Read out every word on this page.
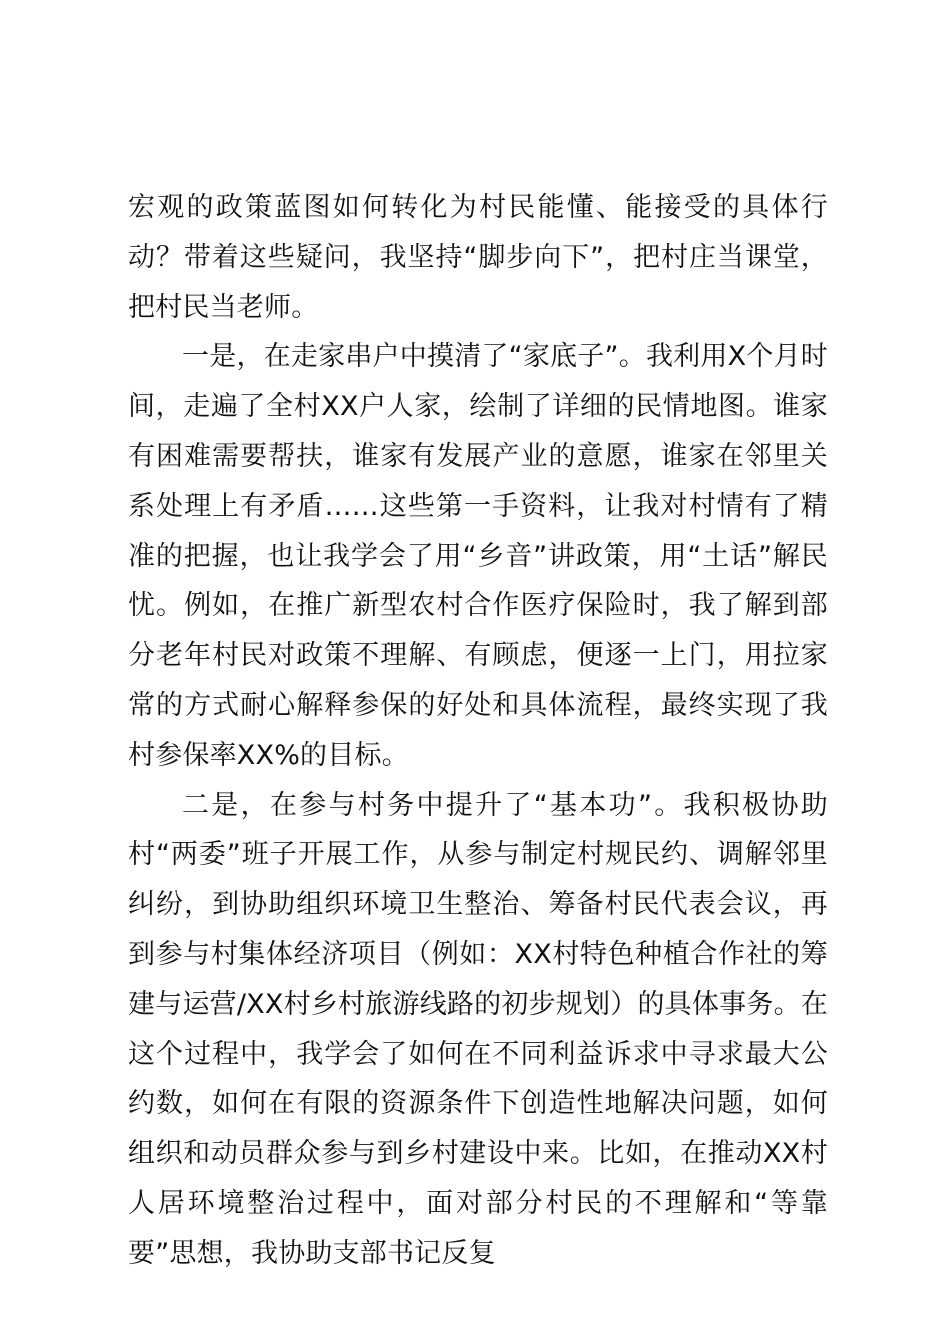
宏观的政策蓝图如何转化为村民能懂、能接受的具体行动？带着这些疑问，我坚持“脚步向下”，把村庄当课堂，把村民当老师。

一是，在走家串户中摸清了“家底子”。我利用X个月时间，走遍了全村XX户人家，绘制了详细的民情地图。谁家有困难需要帮扶，谁家有发展产业的意愿，谁家在邻里关系处理上有矛盾……这些第一手资料，让我对村情有了精准的把握，也让我学会了用“乡音”讲政策，用“土话”解民忧。例如，在推广新型农村合作医疗保险时，我了解到部分老年村民对政策不理解、有顾虑，便逐一上门，用拉家常的方式耐心解释参保的好处和具体流程，最终实现了我村参保率XX%的目标。

二是，在参与村务中提升了“基本功”。我积极协助村“两委”班子开展工作，从参与制定村规民约、调解邻里纠纷，到协助组织环境卫生整治、筹备村民代表会议，再到参与村集体经济项目（例如：XX村特色种植合作社的筹建与运营/XX村乡村旅游线路的初步规划）的具体事务。在这个过程中，我学会了如何在不同利益诉求中寻求最大公约数，如何在有限的资源条件下创造性地解决问题，如何组织和动员群众参与到乡村建设中来。比如，在推动XX村人居环境整治过程中，面对部分村民的不理解和“等靠要”思想，我协助支部书记反复
